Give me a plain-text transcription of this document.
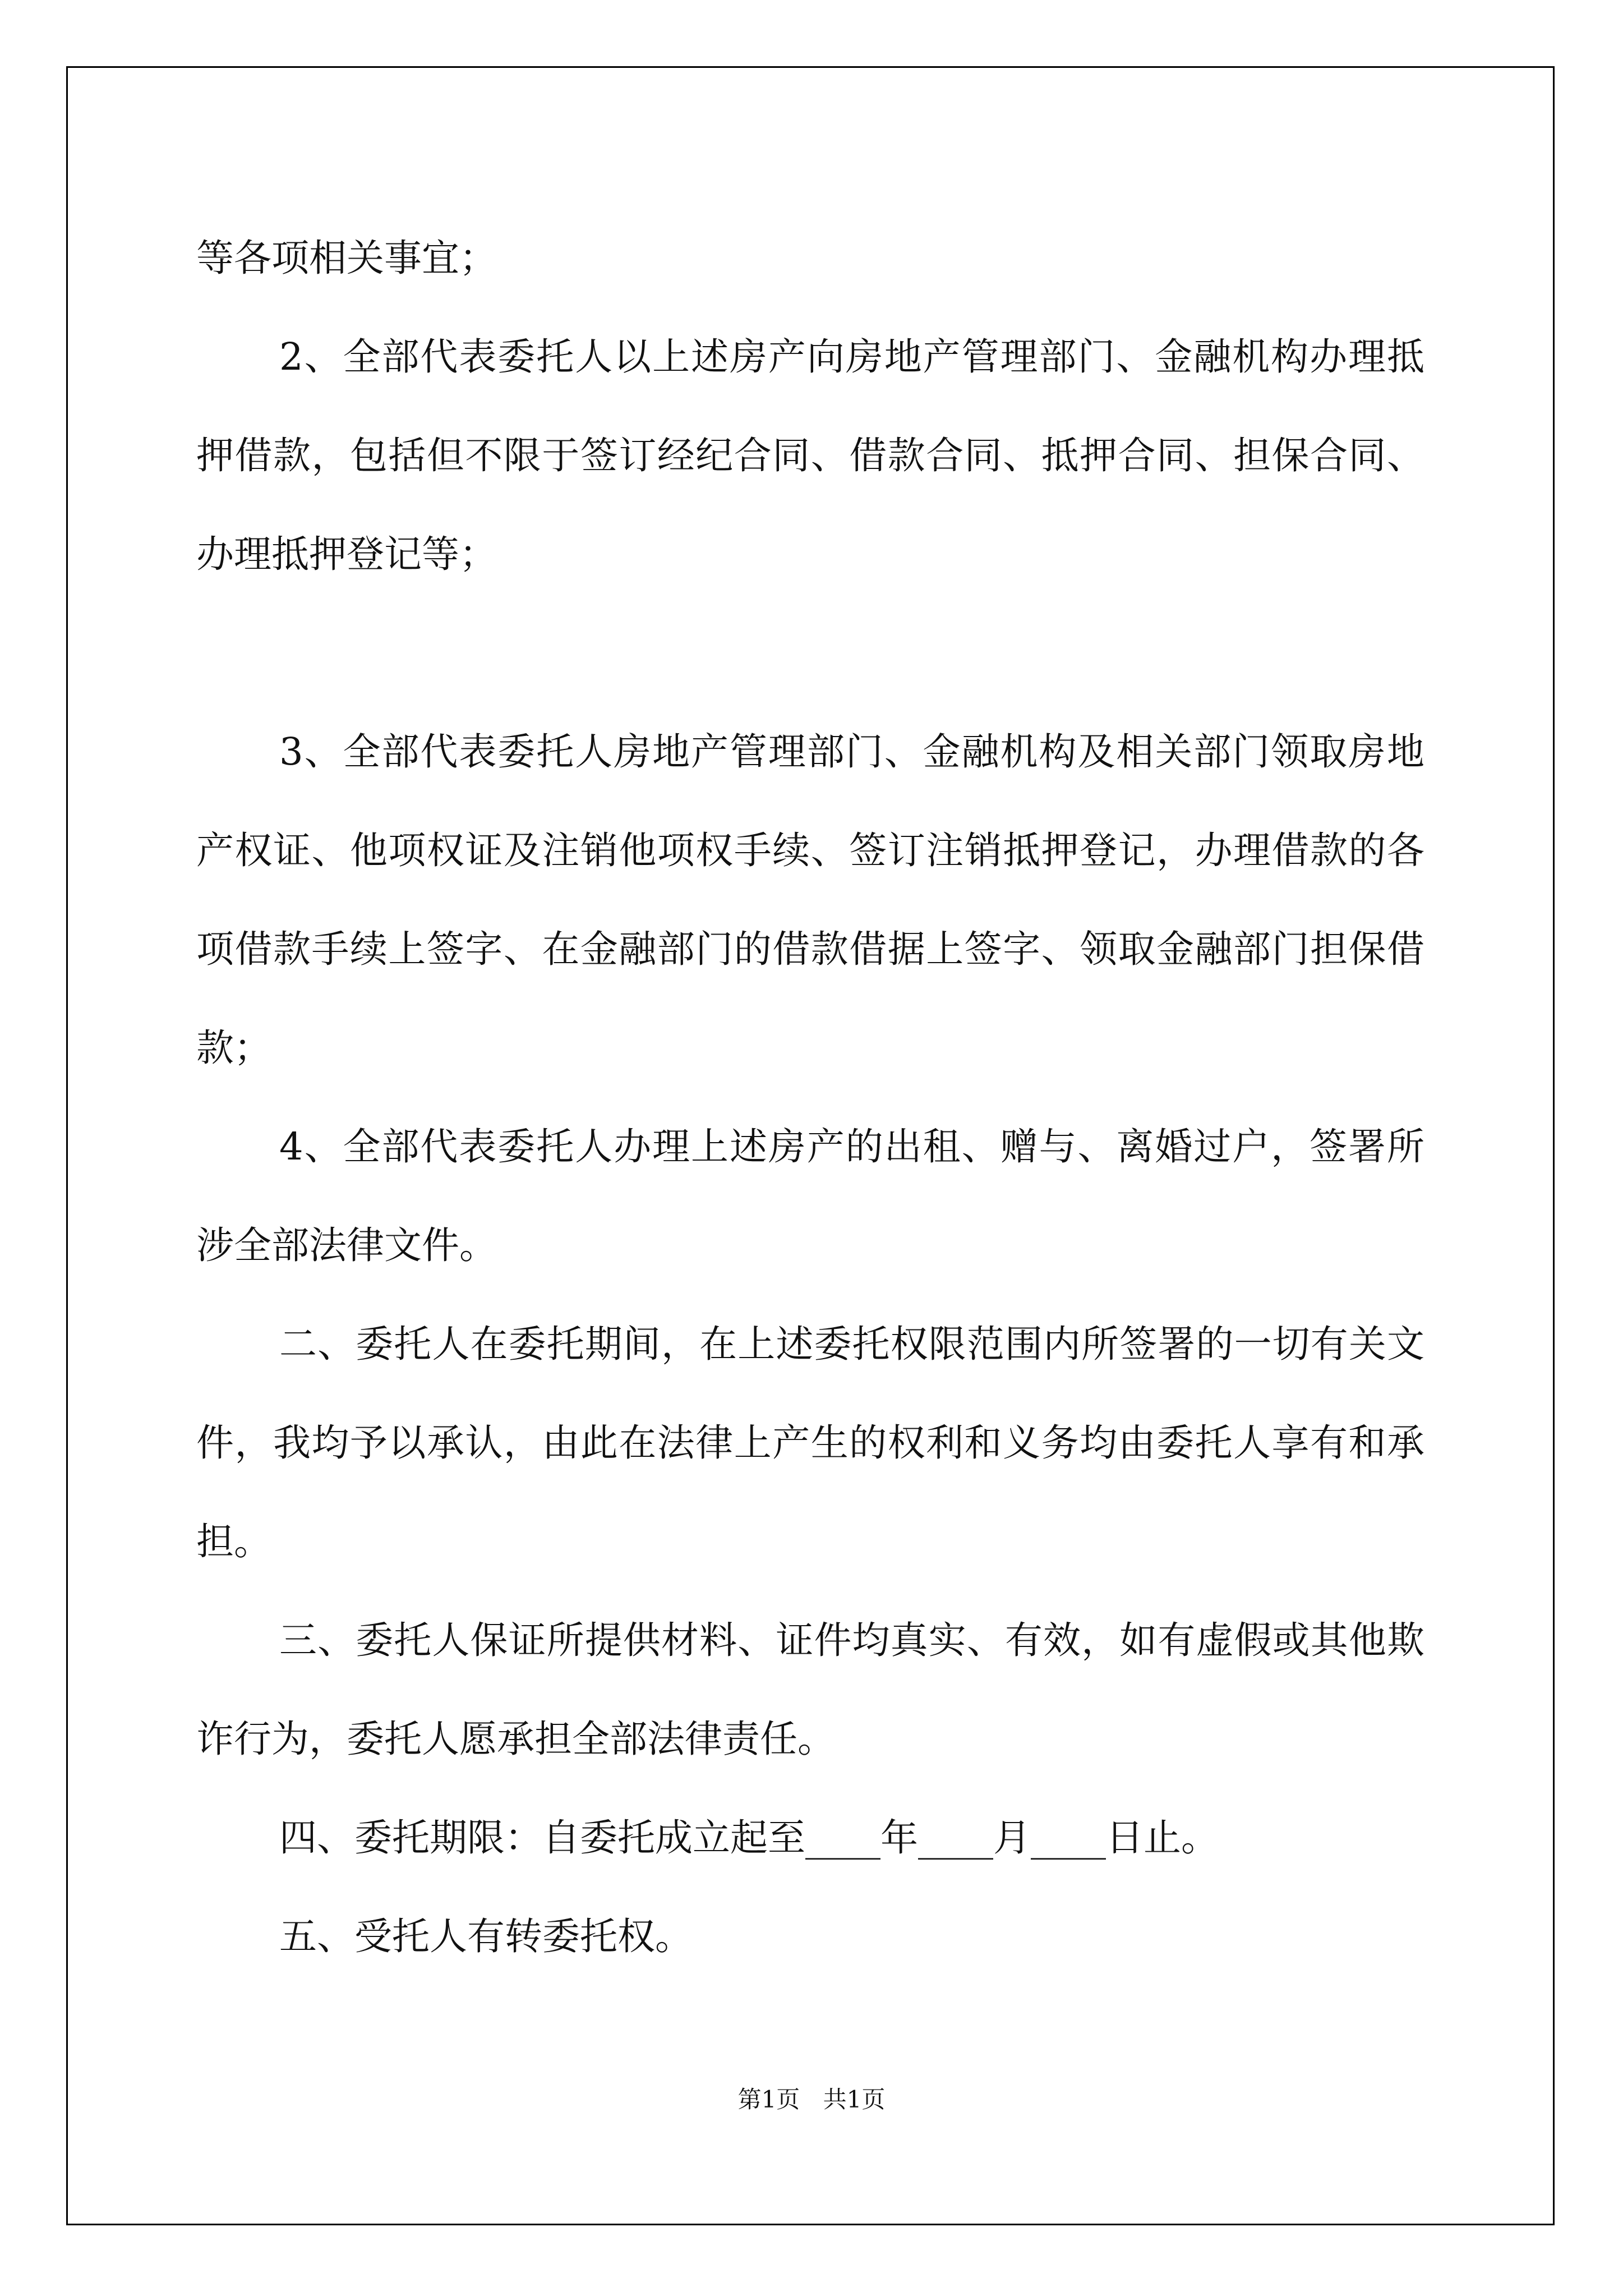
等各项相关事宜；

2、全部代表委托人以上述房产向房地产管理部门、金融机构办理抵押借款，包括但不限于签订经纪合同、借款合同、抵押合同、担保合同、办理抵押登记等；

3、全部代表委托人房地产管理部门、金融机构及相关部门领取房地产权证、他项权证及注销他项权手续、签订注销抵押登记，办理借款的各项借款手续上签字、在金融部门的借款借据上签字、领取金融部门担保借款；

4、全部代表委托人办理上述房产的出租、赠与、离婚过户，签署所涉全部法律文件。

二、委托人在委托期间，在上述委托权限范围内所签署的一切有关文件，我均予以承认，由此在法律上产生的权利和义务均由委托人享有和承担。

三、委托人保证所提供材料、证件均真实、有效，如有虚假或其他欺诈行为，委托人愿承担全部法律责任。

四、委托期限：自委托成立起至____年____月____日止。

五、受托人有转委托权。

第1页 共1页
